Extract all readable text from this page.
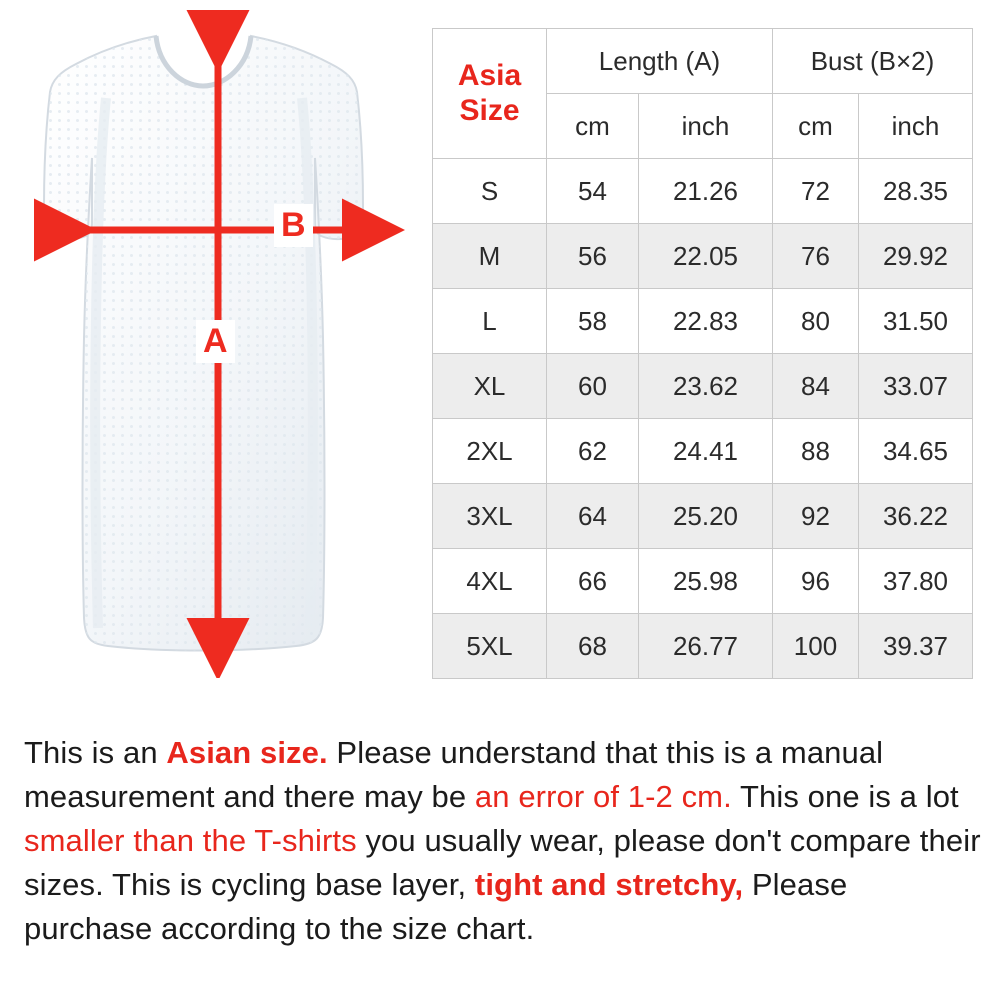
A
B
Asia
Size	Length (A)		Bust (B×2)	
	cm	inch	cm	inch
S	54	21.26	72	28.35
M	56	22.05	76	29.92
L	58	22.83	80	31.50
XL	60	23.62	84	33.07
2XL	62	24.41	88	34.65
3XL	64	25.20	92	36.22
4XL	66	25.98	96	37.80
5XL	68	26.77	100	39.37

This is an Asian size. Please understand that this is a manual measurement and there may be an error of 1-2 cm. This one is a lot smaller than the T-shirts you usually wear, please don't compare their sizes. This is cycling base layer, tight and stretchy, Please purchase according to the size chart.
